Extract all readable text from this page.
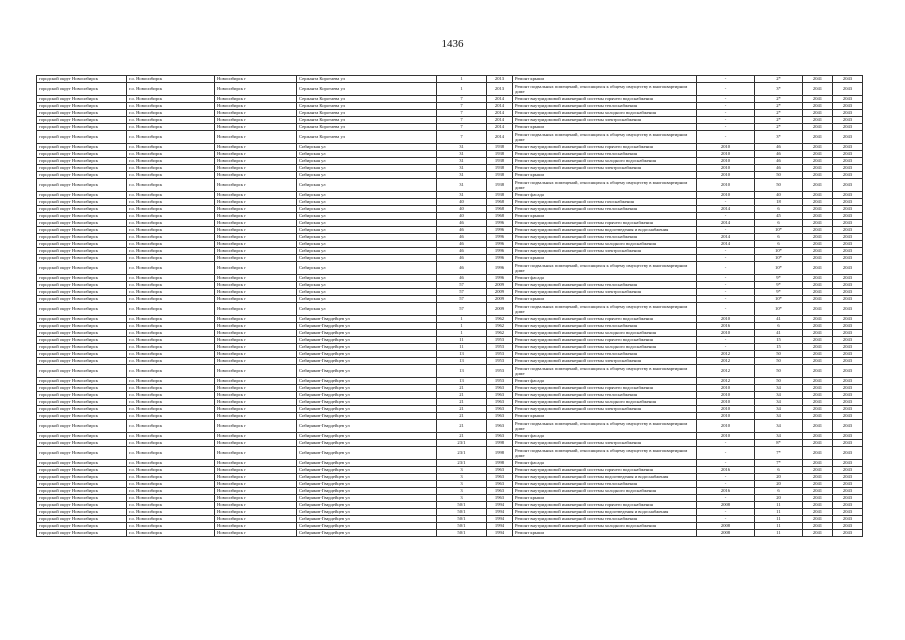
1436
городской округ Новосибирск	г.о. Новосибирск	Новосибирск г	Сержанта Коротаева ул	1	2013	Ремонт крыши	-	2*	2041	2043
городской округ Новосибирск	г.о. Новосибирск	Новосибирск г	Сержанта Коротаева ул	1	2013	Ремонт подвальных помещений, относящихся к общему имуществу в многоквартирном доме	-	3*	2041	2043
городской округ Новосибирск	г.о. Новосибирск	Новосибирск г	Сержанта Коротаева ул	7	2014	Ремонт внутридомовой инженерной системы горячего водоснабжения	-	2*	2041	2043
городской округ Новосибирск	г.о. Новосибирск	Новосибирск г	Сержанта Коротаева ул	7	2014	Ремонт внутридомовой инженерной системы теплоснабжения	-	2*	2041	2043
городской округ Новосибирск	г.о. Новосибирск	Новосибирск г	Сержанта Коротаева ул	7	2014	Ремонт внутридомовой инженерной системы холодного водоснабжения	-	2*	2041	2043
городской округ Новосибирск	г.о. Новосибирск	Новосибирск г	Сержанта Коротаева ул	7	2014	Ремонт внутридомовой инженерной системы электроснабжения	-	2*	2041	2043
городской округ Новосибирск	г.о. Новосибирск	Новосибирск г	Сержанта Коротаева ул	7	2014	Ремонт крыши	-	2*	2041	2043
городской округ Новосибирск	г.о. Новосибирск	Новосибирск г	Сержанта Коротаева ул	7	2014	Ремонт подвальных помещений, относящихся к общему имуществу в многоквартирном доме	-	3*	2041	2043
городской округ Новосибирск	г.о. Новосибирск	Новосибирск г	Сибирская ул	31	1938	Ремонт внутридомовой инженерной системы горячего водоснабжения	2010	46	2041	2043
городской округ Новосибирск	г.о. Новосибирск	Новосибирск г	Сибирская ул	31	1938	Ремонт внутридомовой инженерной системы теплоснабжения	2010	46	2041	2043
городской округ Новосибирск	г.о. Новосибирск	Новосибирск г	Сибирская ул	31	1938	Ремонт внутридомовой инженерной системы холодного водоснабжения	2010	46	2041	2043
городской округ Новосибирск	г.о. Новосибирск	Новосибирск г	Сибирская ул	31	1938	Ремонт внутридомовой инженерной системы электроснабжения	2010	46	2041	2043
городской округ Новосибирск	г.о. Новосибирск	Новосибирск г	Сибирская ул	31	1938	Ремонт крыши	2010	50	2041	2043
городской округ Новосибирск	г.о. Новосибирск	Новосибирск г	Сибирская ул	31	1938	Ремонт подвальных помещений, относящихся к общему имуществу в многоквартирном доме	2010	50	2041	2043
городской округ Новосибирск	г.о. Новосибирск	Новосибирск г	Сибирская ул	31	1938	Ремонт фасада	2010	40	2041	2043
городской округ Новосибирск	г.о. Новосибирск	Новосибирск г	Сибирская ул	40	1968	Ремонт внутридомовой инженерной системы газоснабжения	-	18	2041	2043
городской округ Новосибирск	г.о. Новосибирск	Новосибирск г	Сибирская ул	40	1968	Ремонт внутридомовой инженерной системы теплоснабжения	2014	6	2041	2043
городской округ Новосибирск	г.о. Новосибирск	Новосибирск г	Сибирская ул	40	1968	Ремонт крыши	-	45	2041	2043
городской округ Новосибирск	г.о. Новосибирск	Новосибирск г	Сибирская ул	46	1996	Ремонт внутридомовой инженерной системы горячего водоснабжения	2014	6	2041	2043
городской округ Новосибирск	г.о. Новосибирск	Новосибирск г	Сибирская ул	46	1996	Ремонт внутридомовой инженерной системы водоотведения и водоснабжения	-	10*	2041	2043
городской округ Новосибирск	г.о. Новосибирск	Новосибирск г	Сибирская ул	46	1996	Ремонт внутридомовой инженерной системы теплоснабжения	2014	6	2041	2043
городской округ Новосибирск	г.о. Новосибирск	Новосибирск г	Сибирская ул	46	1996	Ремонт внутридомовой инженерной системы холодного водоснабжения	2014	6	2041	2043
городской округ Новосибирск	г.о. Новосибирск	Новосибирск г	Сибирская ул	46	1996	Ремонт внутридомовой инженерной системы электроснабжения	-	10*	2041	2043
городской округ Новосибирск	г.о. Новосибирск	Новосибирск г	Сибирская ул	46	1996	Ремонт крыши	-	10*	2041	2043
городской округ Новосибирск	г.о. Новосибирск	Новосибирск г	Сибирская ул	46	1996	Ремонт подвальных помещений, относящихся к общему имуществу в многоквартирном доме	-	10*	2041	2043
городской округ Новосибирск	г.о. Новосибирск	Новосибирск г	Сибирская ул	46	1996	Ремонт фасада	-	9*	2041	2043
городской округ Новосибирск	г.о. Новосибирск	Новосибирск г	Сибирская ул	57	2009	Ремонт внутридомовой инженерной системы теплоснабжения	-	9*	2041	2043
городской округ Новосибирск	г.о. Новосибирск	Новосибирск г	Сибирская ул	57	2009	Ремонт внутридомовой инженерной системы электроснабжения	-	9*	2041	2043
городской округ Новосибирск	г.о. Новосибирск	Новосибирск г	Сибирская ул	57	2009	Ремонт крыши	-	10*	2041	2043
городской округ Новосибирск	г.о. Новосибирск	Новосибирск г	Сибирская ул	57	2009	Ремонт подвальных помещений, относящихся к общему имуществу в многоквартирном доме	-	10*	2041	2043
городской округ Новосибирск	г.о. Новосибирск	Новосибирск г	Сибиряков-Гвардейцев ул	1	1962	Ремонт внутридомовой инженерной системы горячего водоснабжения	2010	41	2041	2043
городской округ Новосибирск	г.о. Новосибирск	Новосибирск г	Сибиряков-Гвардейцев ул	1	1962	Ремонт внутридомовой инженерной системы теплоснабжения	2016	6	2041	2043
городской округ Новосибирск	г.о. Новосибирск	Новосибирск г	Сибиряков-Гвардейцев ул	1	1962	Ремонт внутридомовой инженерной системы холодного водоснабжения	2010	41	2041	2043
городской округ Новосибирск	г.о. Новосибирск	Новосибирск г	Сибиряков-Гвардейцев ул	11	1953	Ремонт внутридомовой инженерной системы горячего водоснабжения	-	15	2041	2043
городской округ Новосибирск	г.о. Новосибирск	Новосибирск г	Сибиряков-Гвардейцев ул	11	1953	Ремонт внутридомовой инженерной системы холодного водоснабжения	-	15	2041	2043
городской округ Новосибирск	г.о. Новосибирск	Новосибирск г	Сибиряков-Гвардейцев ул	13	1953	Ремонт внутридомовой инженерной системы теплоснабжения	2012	50	2041	2043
городской округ Новосибирск	г.о. Новосибирск	Новосибирск г	Сибиряков-Гвардейцев ул	13	1953	Ремонт внутридомовой инженерной системы электроснабжения	2012	50	2041	2043
городской округ Новосибирск	г.о. Новосибирск	Новосибирск г	Сибиряков-Гвардейцев ул	13	1953	Ремонт подвальных помещений, относящихся к общему имуществу в многоквартирном доме	2012	50	2041	2043
городской округ Новосибирск	г.о. Новосибирск	Новосибирск г	Сибиряков-Гвардейцев ул	13	1953	Ремонт фасада	2012	50	2041	2043
городской округ Новосибирск	г.о. Новосибирск	Новосибирск г	Сибиряков-Гвардейцев ул	21	1963	Ремонт внутридомовой инженерной системы горячего водоснабжения	2010	34	2041	2043
городской округ Новосибирск	г.о. Новосибирск	Новосибирск г	Сибиряков-Гвардейцев ул	21	1963	Ремонт внутридомовой инженерной системы теплоснабжения	2010	34	2041	2043
городской округ Новосибирск	г.о. Новосибирск	Новосибирск г	Сибиряков-Гвардейцев ул	21	1963	Ремонт внутридомовой инженерной системы холодного водоснабжения	2010	34	2041	2043
городской округ Новосибирск	г.о. Новосибирск	Новосибирск г	Сибиряков-Гвардейцев ул	21	1963	Ремонт внутридомовой инженерной системы электроснабжения	2010	34	2041	2043
городской округ Новосибирск	г.о. Новосибирск	Новосибирск г	Сибиряков-Гвардейцев ул	21	1963	Ремонт крыши	2010	34	2041	2043
городской округ Новосибирск	г.о. Новосибирск	Новосибирск г	Сибиряков-Гвардейцев ул	21	1963	Ремонт подвальных помещений, относящихся к общему имуществу в многоквартирном доме	2010	34	2041	2043
городской округ Новосибирск	г.о. Новосибирск	Новосибирск г	Сибиряков-Гвардейцев ул	21	1963	Ремонт фасада	2010	34	2041	2043
городской округ Новосибирск	г.о. Новосибирск	Новосибирск г	Сибиряков-Гвардейцев ул	23/1	1998	Ремонт внутридомовой инженерной системы электроснабжения	-	8*	2041	2043
городской округ Новосибирск	г.о. Новосибирск	Новосибирск г	Сибиряков-Гвардейцев ул	23/1	1998	Ремонт подвальных помещений, относящихся к общему имуществу в многоквартирном доме	-	7*	2041	2043
городской округ Новосибирск	г.о. Новосибирск	Новосибирск г	Сибиряков-Гвардейцев ул	23/1	1998	Ремонт фасада	-	7*	2041	2043
городской округ Новосибирск	г.о. Новосибирск	Новосибирск г	Сибиряков-Гвардейцев ул	3	1963	Ремонт внутридомовой инженерной системы горячего водоснабжения	2016	6	2041	2043
городской округ Новосибирск	г.о. Новосибирск	Новосибирск г	Сибиряков-Гвардейцев ул	3	1963	Ремонт внутридомовой инженерной системы водоотведения и водоснабжения	-	20	2041	2043
городской округ Новосибирск	г.о. Новосибирск	Новосибирск г	Сибиряков-Гвардейцев ул	3	1963	Ремонт внутридомовой инженерной системы теплоснабжения	-	20	2041	2043
городской округ Новосибирск	г.о. Новосибирск	Новосибирск г	Сибиряков-Гвардейцев ул	3	1963	Ремонт внутридомовой инженерной системы холодного водоснабжения	2016	6	2041	2043
городской округ Новосибирск	г.о. Новосибирск	Новосибирск г	Сибиряков-Гвардейцев ул	3	1963	Ремонт крыши	-	20	2041	2043
городской округ Новосибирск	г.о. Новосибирск	Новосибирск г	Сибиряков-Гвардейцев ул	50/1	1994	Ремонт внутридомовой инженерной системы горячего водоснабжения	2008	11	2041	2043
городской округ Новосибирск	г.о. Новосибирск	Новосибирск г	Сибиряков-Гвардейцев ул	50/1	1994	Ремонт внутридомовой инженерной системы водоотведения и водоснабжения	-	11	2041	2043
городской округ Новосибирск	г.о. Новосибирск	Новосибирск г	Сибиряков-Гвардейцев ул	50/1	1994	Ремонт внутридомовой инженерной системы теплоснабжения	-	11	2041	2043
городской округ Новосибирск	г.о. Новосибирск	Новосибирск г	Сибиряков-Гвардейцев ул	50/1	1994	Ремонт внутридомовой инженерной системы холодного водоснабжения	2008	11	2041	2043
городской округ Новосибирск	г.о. Новосибирск	Новосибирск г	Сибиряков-Гвардейцев ул	50/1	1994	Ремонт крыши	2008	11	2041	2043
